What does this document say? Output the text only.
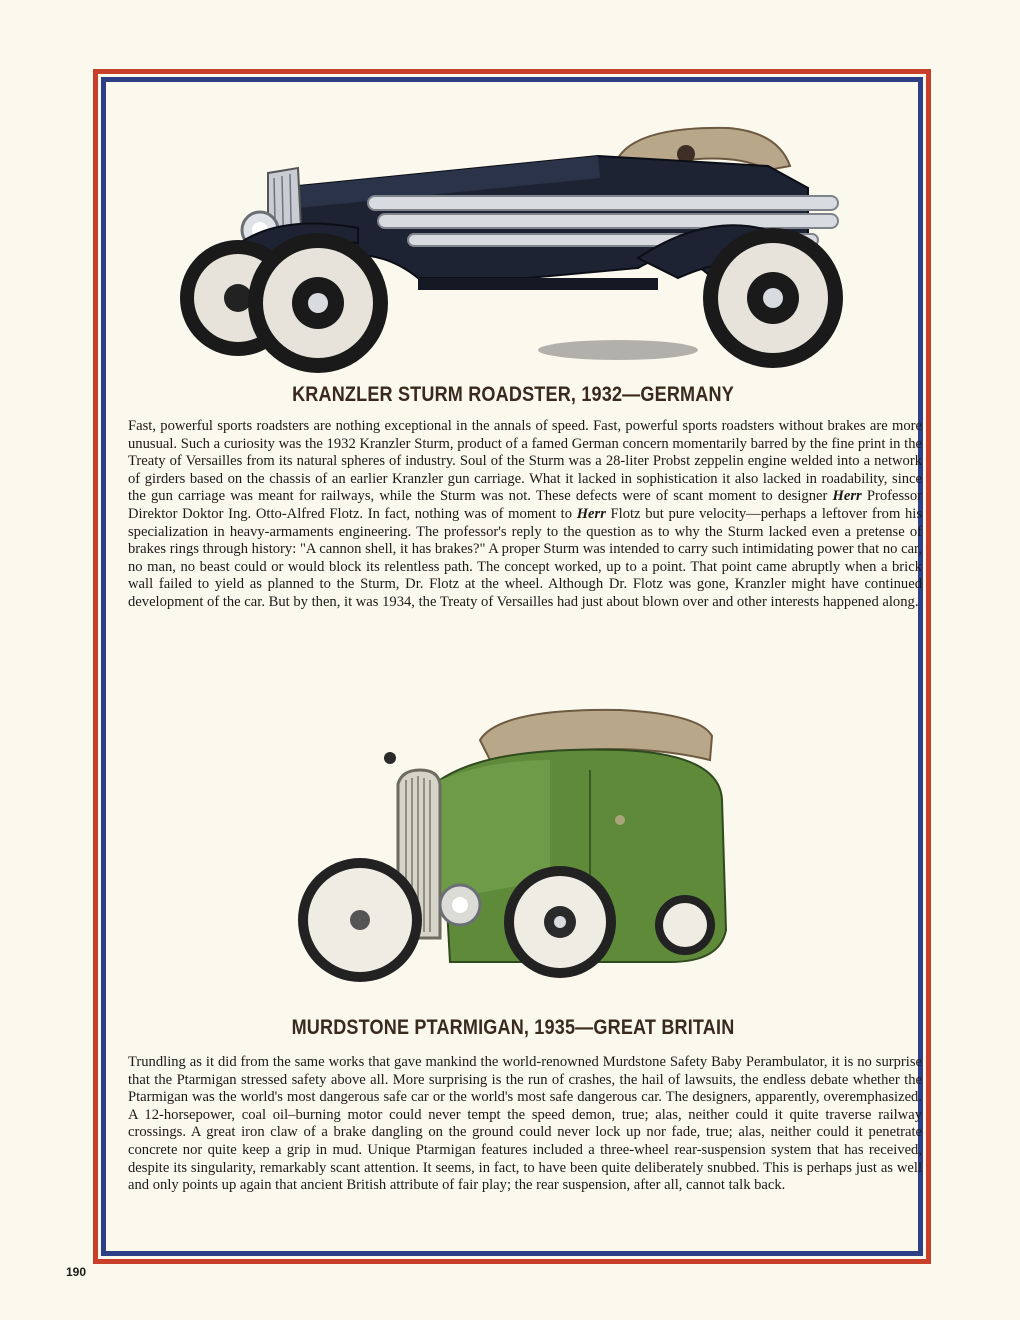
KRANZLER STURM ROADSTER, 1932—GERMANY

Fast, powerful sports roadsters are nothing exceptional in the annals of speed. Fast, powerful sports roadsters without brakes are more unusual. Such a curiosity was the 1932 Kranzler Sturm, product of a famed German concern momentarily barred by the fine print in the Treaty of Versailles from its natural spheres of industry. Soul of the Sturm was a 28-liter Probst zeppelin engine welded into a network of girders based on the chassis of an earlier Kranzler gun carriage. What it lacked in sophistication it also lacked in roadability, since the gun carriage was meant for railways, while the Sturm was not. These defects were of scant moment to designer Herr Professor Direktor Doktor Ing. Otto-Alfred Flotz. In fact, nothing was of moment to Herr Flotz but pure velocity—perhaps a leftover from his specialization in heavy-armaments engineering. The professor's reply to the question as to why the Sturm lacked even a pretense of brakes rings through history: "A cannon shell, it has brakes?" A proper Sturm was intended to carry such intimidating power that no car, no man, no beast could or would block its relentless path. The concept worked, up to a point. That point came abruptly when a brick wall failed to yield as planned to the Sturm, Dr. Flotz at the wheel. Although Dr. Flotz was gone, Kranzler might have continued development of the car. But by then, it was 1934, the Treaty of Versailles had just about blown over and other interests happened along.

MURDSTONE PTARMIGAN, 1935—GREAT BRITAIN

Trundling as it did from the same works that gave mankind the world-renowned Murdstone Safety Baby Perambulator, it is no surprise that the Ptarmigan stressed safety above all. More surprising is the run of crashes, the hail of lawsuits, the endless debate whether the Ptarmigan was the world's most dangerous safe car or the world's most safe dangerous car. The designers, apparently, overemphasized. A 12-horsepower, coal oil–burning motor could never tempt the speed demon, true; alas, neither could it quite traverse railway crossings. A great iron claw of a brake dangling on the ground could never lock up nor fade, true; alas, neither could it penetrate concrete nor quite keep a grip in mud. Unique Ptarmigan features included a three-wheel rear-suspension system that has received, despite its singularity, remarkably scant attention. It seems, in fact, to have been quite deliberately snubbed. This is perhaps just as well and only points up again that ancient British attribute of fair play; the rear suspension, after all, cannot talk back.

190
